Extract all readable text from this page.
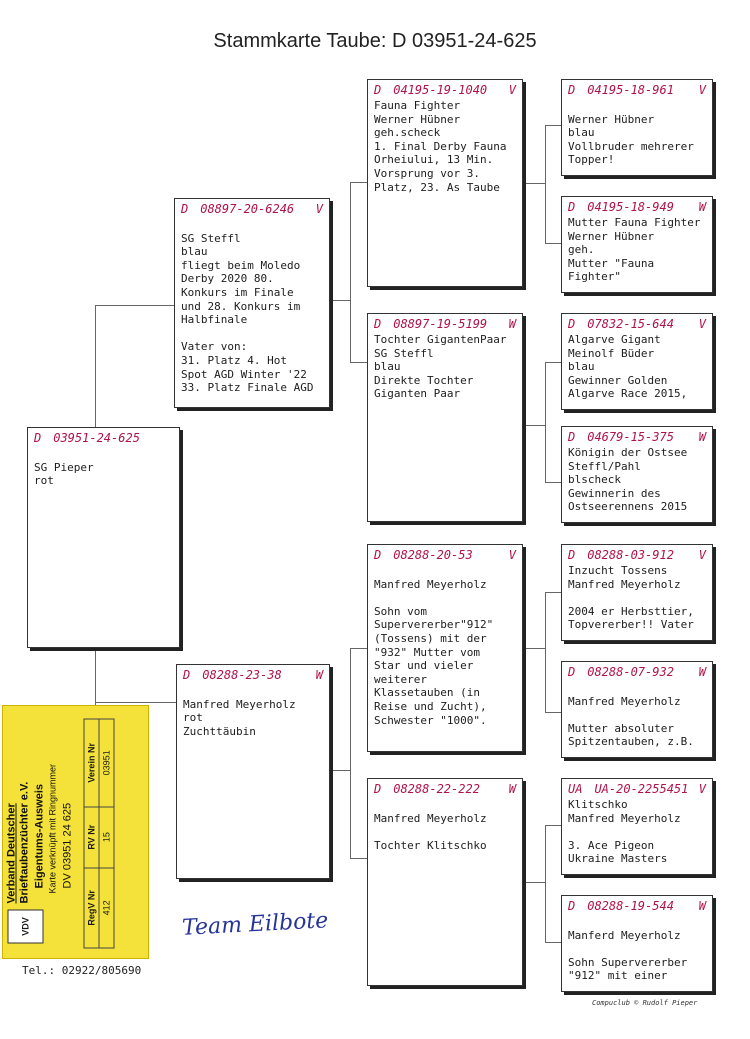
Stammkarte Taube: D 03951-24-625
D 03951-24-625

SG Pieper
rot
D 08897-20-6246	V

SG Steffl
blau
fliegt beim Moledo
Derby 2020 80.
Konkurs im Finale
und 28. Konkurs im
Halbfinale

Vater von:
31. Platz 4. Hot
Spot AGD Winter '22
33. Platz Finale AGD
D 08288-23-38	W

Manfred Meyerholz
rot
Zuchttäubin
D 04195-19-1040	V
Fauna Fighter
Werner Hübner
geh.scheck
1. Final Derby Fauna
Orheiului, 13 Min.
Vorsprung vor 3.
Platz, 23. As Taube
D 08897-19-5199	W
Tochter GigantenPaar
SG Steffl
blau
Direkte Tochter
Giganten Paar
D 08288-20-53	V

Manfred Meyerholz

Sohn vom
Supervererber"912"
(Tossens) mit der
"932" Mutter vom
Star und vieler
weiterer
Klassetauben (in
Reise und Zucht),
Schwester "1000".
D 08288-22-222	W

Manfred Meyerholz

Tochter Klitschko
D 04195-18-961	V

Werner Hübner
blau
Vollbruder mehrerer
Topper!
D 04195-18-949	W
Mutter Fauna Fighter
Werner Hübner
geh.
Mutter "Fauna
Fighter"
D 07832-15-644	V
Algarve Gigant
Meinolf Büder
blau
Gewinner Golden
Algarve Race 2015,
D 04679-15-375	W
Königin der Ostsee
Steffl/Pahl
blscheck
Gewinnerin des
Ostseerennens 2015
D 08288-03-912	V
Inzucht Tossens
Manfred Meyerholz

2004 er Herbsttier,
Topvererber!! Vater
D 08288-07-932	W

Manfred Meyerholz

Mutter absoluter
Spitzentauben, z.B.
UA UA-20-2255451 V
Klitschko
Manfred Meyerholz

3. Ace Pigeon
Ukraine Masters
D 08288-19-544	W

Manferd Meyerholz

Sohn Supervererber
"912" mit einer
VDV
Verband Deutscher Brieftaubenzüchter e.V. Eigentums-Ausweis Karte verknüpft mit Ringnummer DV 03951 24 625
RegV Nr	RV Nr	Verein Nr
412	15	03951
Team Eilbote
Tel.: 02922/805690
Compuclub © Rudolf Pieper
